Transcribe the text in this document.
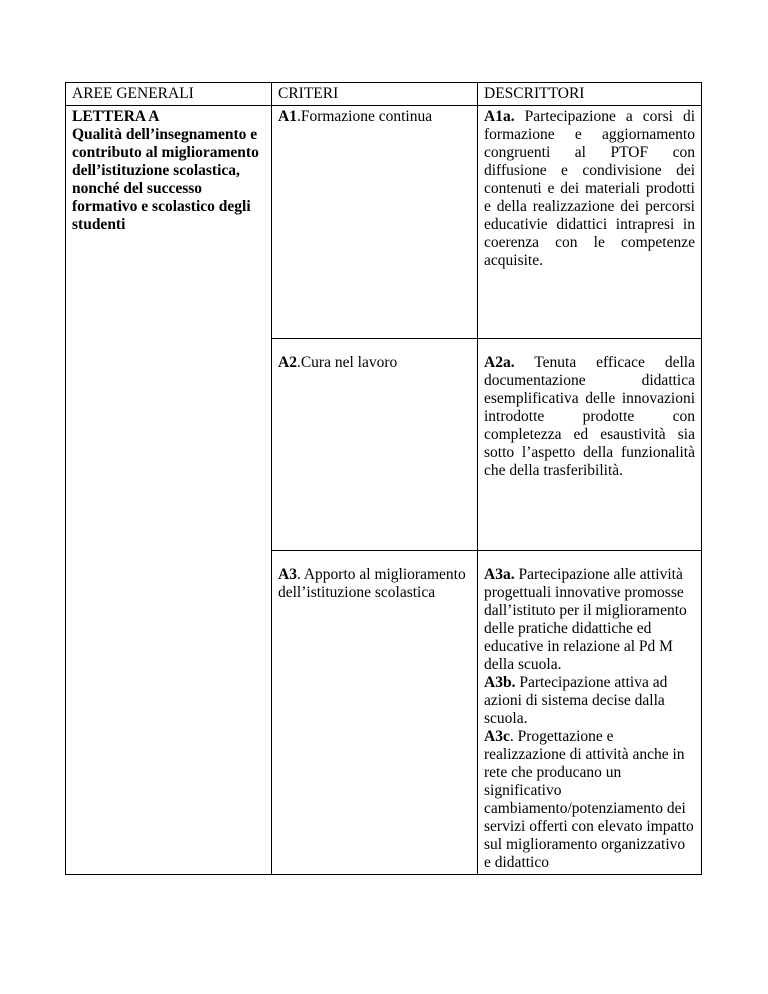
AREE GENERALI	CRITERI	DESCRITTORI

LETTERA A
Qualità dell’insegnamento e contributo al miglioramento dell’istituzione scolastica, nonché del successo formativo e scolastico degli studenti	A1.Formazione continua	A1a. Partecipazione a corsi di formazione e aggiornamento congruenti al PTOF con diffusione e condivisione dei contenuti e dei materiali prodotti e della realizzazione dei percorsi educativie didattici intrapresi in coerenza con le competenze acquisite.

	A2.Cura nel lavoro	A2a. Tenuta efficace della documentazione didattica esemplificativa delle innovazioni introdotte prodotte con completezza ed esaustività sia sotto l’aspetto della funzionalità che della trasferibilità.

	A3. Apporto al miglioramento dell’istituzione scolastica	A3a. Partecipazione alle attività progettuali innovative promosse dall’istituto per il miglioramento delle pratiche didattiche ed educative in relazione al Pd M della scuola.
A3b. Partecipazione attiva ad azioni di sistema decise dalla scuola.
A3c. Progettazione e realizzazione di attività anche in rete che producano un significativo cambiamento/potenziamento dei servizi offerti con elevato impatto sul miglioramento organizzativo e didattico
